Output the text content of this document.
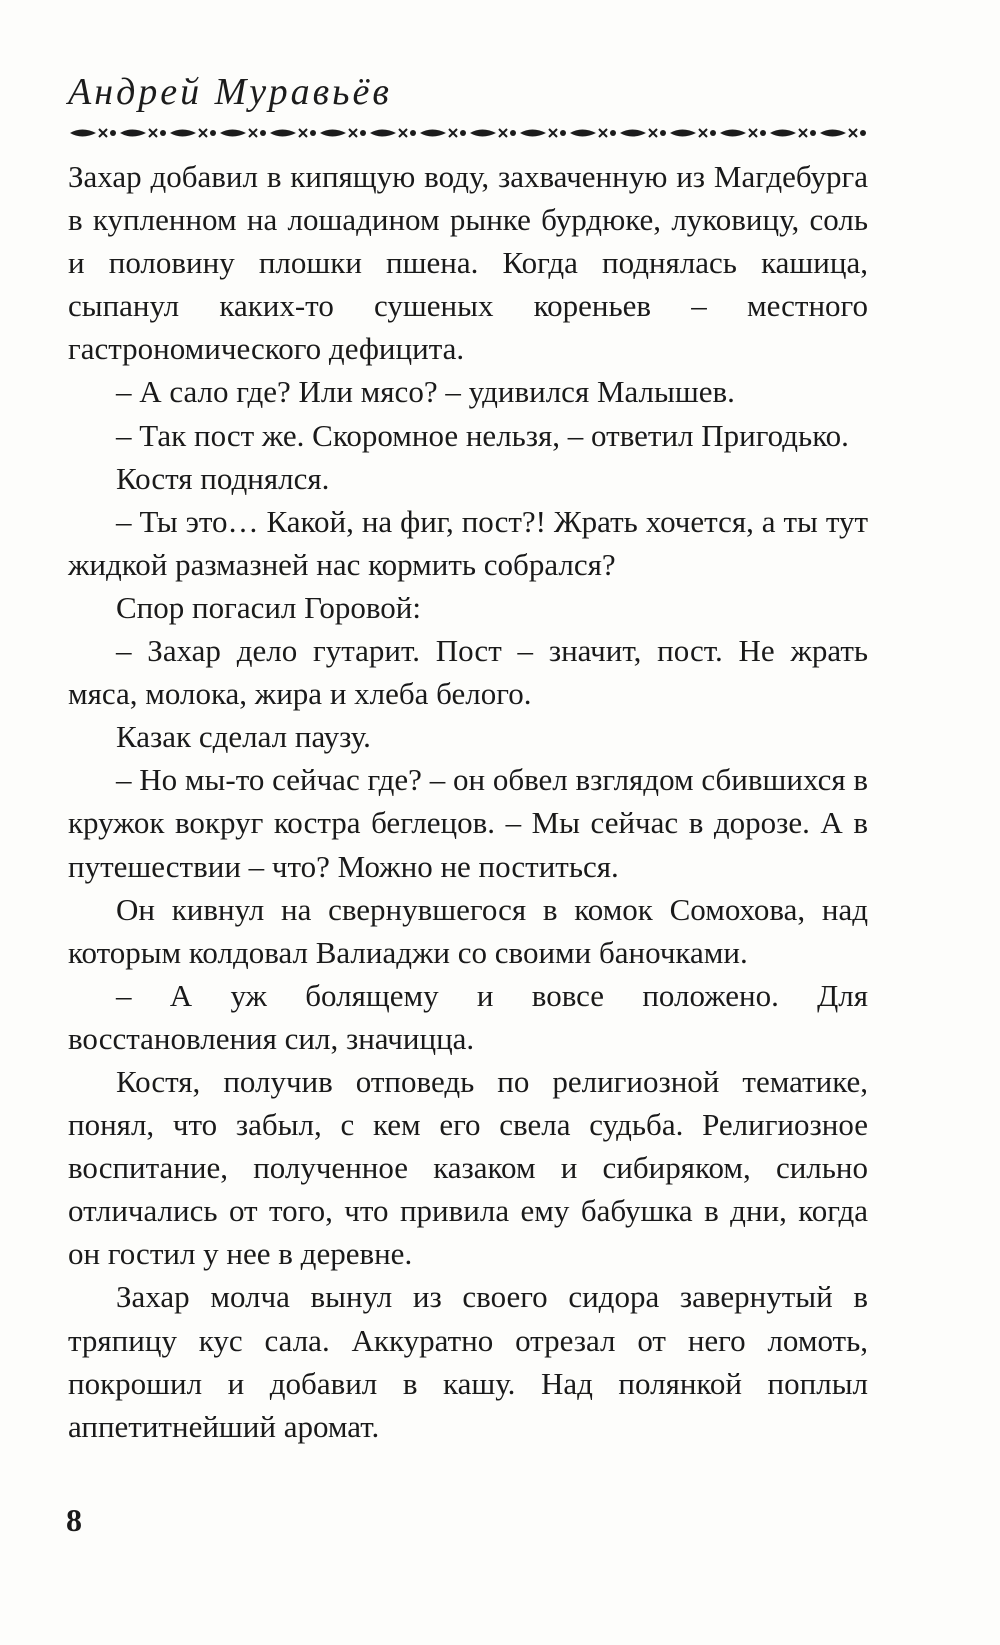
Андрей Муравьёв

Захар добавил в кипящую воду, захваченную из Магдебурга в купленном на лошадином рынке бурдюке, луковицу, соль и половину плошки пшена. Когда поднялась кашица, сыпанул каких-то сушеных кореньев – местного гастрономического дефицита.

– А сало где? Или мясо? – удивился Малышев.

– Так пост же. Скоромное нельзя, – ответил Пригодько.

Костя поднялся.

– Ты это… Какой, на фиг, пост?! Жрать хочется, а ты тут жидкой размазней нас кормить собрался?

Спор погасил Горовой:

– Захар дело гутарит. Пост – значит, пост. Не жрать мяса, молока, жира и хлеба белого.

Казак сделал паузу.

– Но мы-то сейчас где? – он обвел взглядом сбившихся в кружок вокруг костра беглецов. – Мы сейчас в дорозе. А в путешествии – что? Можно не поститься.

Он кивнул на свернувшегося в комок Сомохова, над которым колдовал Валиаджи со своими баночками.

– А уж болящему и вовсе положено. Для восстановления сил, значицца.

Костя, получив отповедь по религиозной тематике, понял, что забыл, с кем его свела судьба. Религиозное воспитание, полученное казаком и сибиряком, сильно отличались от того, что привила ему бабушка в дни, когда он гостил у нее в деревне.

Захар молча вынул из своего сидора завернутый в тряпицу кус сала. Аккуратно отрезал от него ломоть, покрошил и добавил в кашу. Над полянкой поплыл аппетитнейший аромат.

8
